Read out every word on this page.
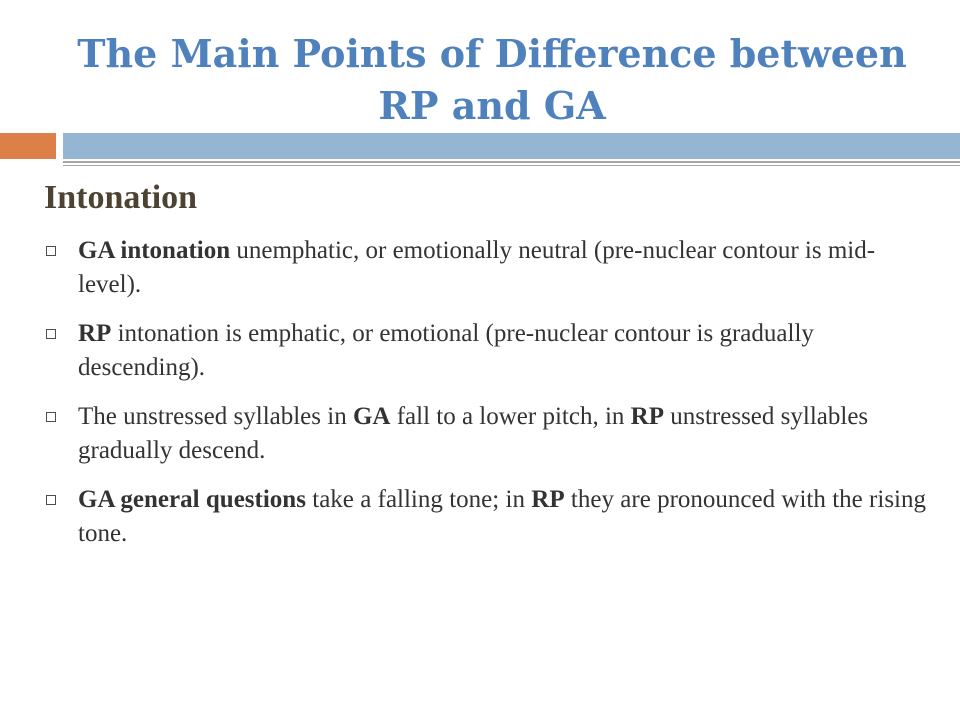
The Main Points of Difference between
RP and GA
Intonation
GA intonation unemphatic, or emotionally neutral (pre-nuclear contour is mid-level).
RP intonation is emphatic, or emotional (pre-nuclear contour is gradually descending).
The unstressed syllables in GA fall to a lower pitch, in RP unstressed syllables gradually descend.
GA general questions take a falling tone; in RP they are pronounced with the rising tone.
